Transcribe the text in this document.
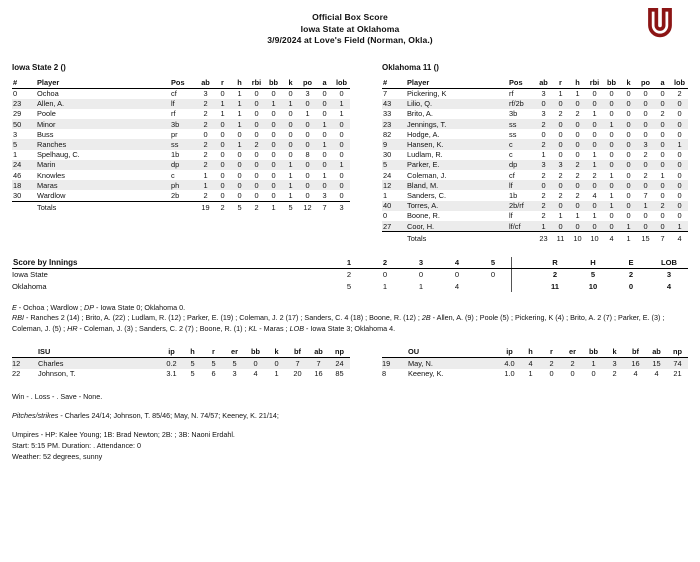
Official Box Score
Iowa State at Oklahoma
3/9/2024 at Love's Field (Norman, Okla.)
Iowa State 2 ()	Oklahoma 11 ()
#	Player	Pos	ab	r	h	rbi	bb	k	po	a	lob
0	Ochoa	cf	3	0	1	0	0	0	3	0	0
23	Allen, A.	lf	2	1	1	0	1	1	0	0	1
29	Poole	rf	2	1	1	0	0	0	1	0	1
50	Minor	3b	2	0	1	0	0	0	0	1	0
3	Buss	pr	0	0	0	0	0	0	0	0	0
5	Ranches	ss	2	0	1	2	0	0	0	1	0
1	Spelhaug, C.	1b	2	0	0	0	0	0	8	0	0
24	Marin	dp	2	0	0	0	0	1	0	0	1
46	Knowles	c	1	0	0	0	0	1	0	1	0
18	Maras	ph	1	0	0	0	0	1	0	0	0
30	Wardlow	2b	2	0	0	0	0	1	0	3	0
	Totals		19	2	5	2	1	5	12	7	3
#	Player	Pos	ab	r	h	rbi	bb	k	po	a	lob
7	Pickering, K	rf	3	1	1	0	0	0	0	0	2
43	Lilio, Q.	rf/2b	0	0	0	0	0	0	0	0	0
33	Brito, A.	3b	3	2	2	1	0	0	0	2	0
23	Jennings, T.	ss	2	0	0	0	1	0	0	0	0
82	Hodge, A.	ss	0	0	0	0	0	0	0	0	0
9	Hansen, K.	c	2	0	0	0	0	0	3	0	1
30	Ludlam, R.	c	1	0	0	1	0	0	2	0	0
5	Parker, E.	dp	3	3	2	1	0	0	0	0	0
24	Coleman, J.	cf	2	2	2	2	1	0	2	1	0
12	Bland, M.	lf	0	0	0	0	0	0	0	0	0
1	Sanders, C.	1b	2	2	2	4	1	0	7	0	0
40	Torres, A.	2b/rf	2	0	0	0	1	0	1	2	0
0	Boone, R.	lf	2	1	1	1	0	0	0	0	0
27	Coor, H.	lf/cf	1	0	0	0	0	1	0	0	1
	Totals		23	11	10	10	4	1	15	7	4
Score by Innings	1	2	3	4	5		R	H	E	LOB
Iowa State	2	0	0	0	0		2	5	2	3
Oklahoma	5	1	1	4			11	10	0	4
E - Ochoa ; Wardlow ; DP - Iowa State 0; Oklahoma 0.
RBI - Ranches 2 (14) ; Brito, A. (22) ; Ludlam, R. (12) ; Parker, E. (19) ; Coleman, J. 2 (17) ; Sanders, C. 4 (18) ; Boone, R. (12) ; 2B - Allen, A. (9) ; Poole (5) ; Pickering, K (4) ; Brito, A. 2 (7) ; Parker, E. (3) ; Coleman, J. (5) ; HR - Coleman, J. (3) ; Sanders, C. 2 (7) ; Boone, R. (1) ; KL - Maras ; LOB - Iowa State 3; Oklahoma 4.
	ISU	ip	h	r	er	bb	k	bf	ab	np
12	Charles	0.2	5	5	5	0	0	7	7	24
22	Johnson, T.	3.1	5	6	3	4	1	20	16	85
	OU	ip	h	r	er	bb	k	bf	ab	np
19	May, N.	4.0	4	2	2	1	3	16	15	74
8	Keeney, K.	1.0	1	0	0	0	2	4	4	21
Win - . Loss - . Save - None.
Pitches/strikes - Charles 24/14; Johnson, T. 85/46; May, N. 74/57; Keeney, K. 21/14;
Umpires - HP: Kalee Young; 1B: Brad Newton; 2B: ; 3B: Naoni Erdahl.
Start: 5:15 PM. Duration: . Attendance: 0
Weather: 52 degrees, sunny
